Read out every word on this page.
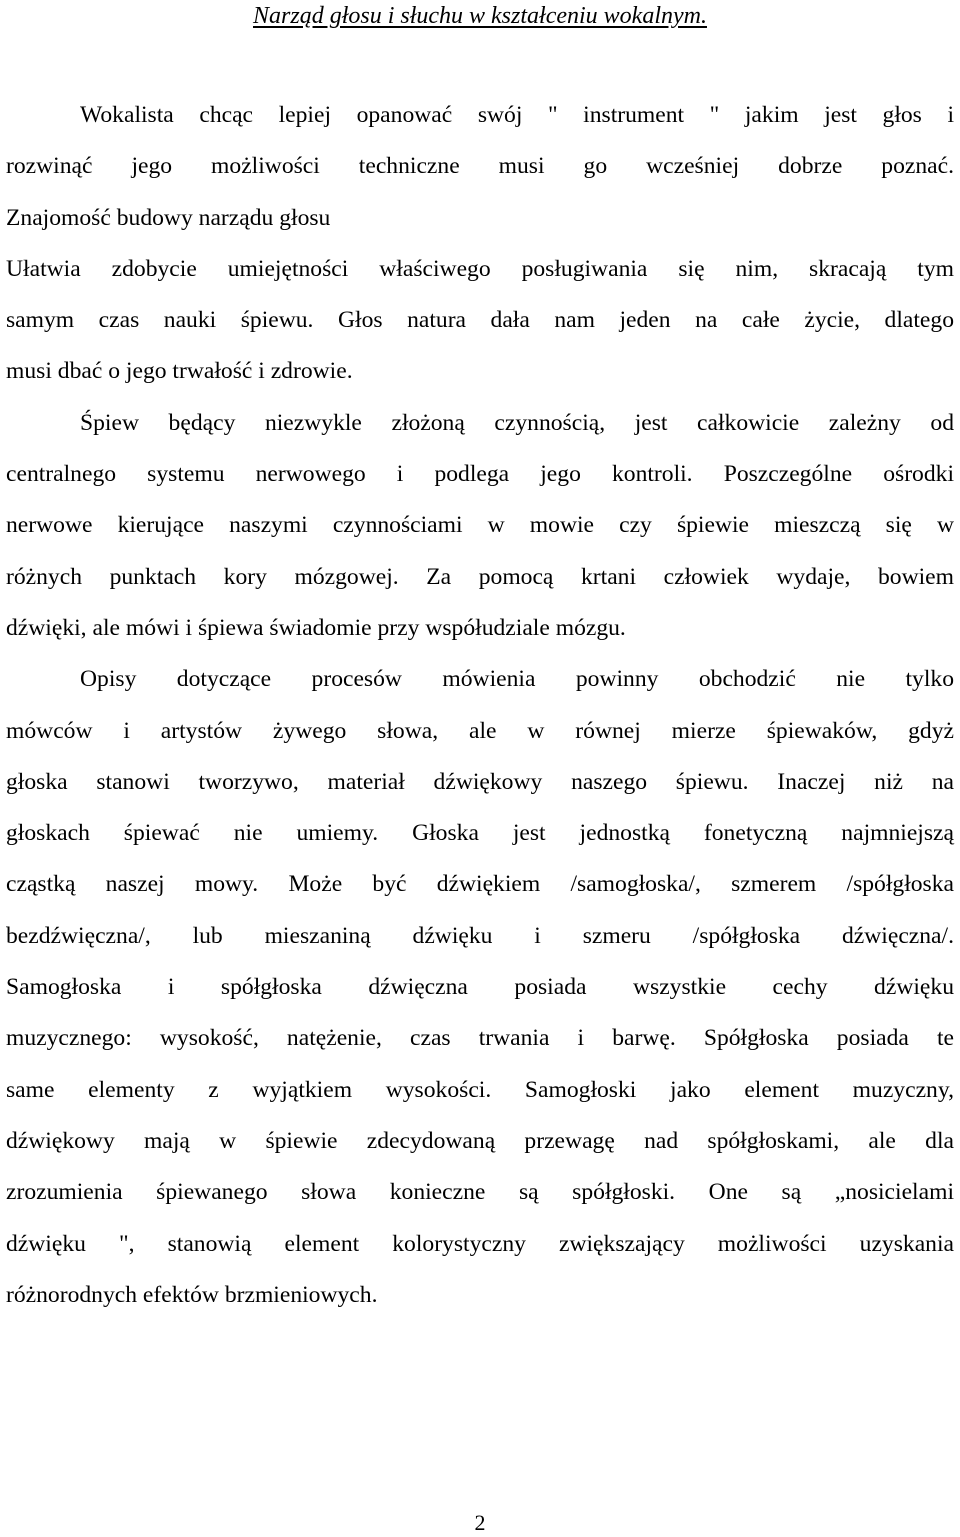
Narząd głosu i słuchu w kształceniu wokalnym.
Wokalista chcąc lepiej opanować swój " instrument " jakim jest głos i
rozwinąć jego możliwości techniczne musi go wcześniej dobrze poznać.
Znajomość budowy narządu głosu
Ułatwia zdobycie umiejętności właściwego posługiwania się nim, skracają tym
samym czas nauki śpiewu. Głos natura dała nam jeden na całe życie, dlatego
musi dbać o jego trwałość i zdrowie.
Śpiew będący niezwykle złożoną czynnością, jest całkowicie zależny od
centralnego systemu nerwowego i podlega jego kontroli. Poszczególne ośrodki
nerwowe kierujące naszymi czynnościami w mowie czy śpiewie mieszczą się w
różnych punktach kory mózgowej. Za pomocą krtani człowiek wydaje, bowiem
dźwięki, ale mówi i śpiewa świadomie przy współudziale mózgu.
Opisy dotyczące procesów mówienia powinny obchodzić nie tylko
mówców i artystów żywego słowa, ale w równej mierze śpiewaków, gdyż
głoska stanowi tworzywo, materiał dźwiękowy naszego śpiewu. Inaczej niż na
głoskach śpiewać nie umiemy. Głoska jest jednostką fonetyczną najmniejszą
cząstką naszej mowy. Może być dźwiękiem /samogłoska/, szmerem /spółgłoska
bezdźwięczna/, lub mieszaniną dźwięku i szmeru /spółgłoska dźwięczna/.
Samogłoska i spółgłoska dźwięczna posiada wszystkie cechy dźwięku
muzycznego: wysokość, natężenie, czas trwania i barwę. Spółgłoska posiada te
same elementy z wyjątkiem wysokości. Samogłoski jako element muzyczny,
dźwiękowy mają w śpiewie zdecydowaną przewagę nad spółgłoskami, ale dla
zrozumienia śpiewanego słowa konieczne są spółgłoski. One są „nosicielami
dźwięku ", stanowią element kolorystyczny zwiększający możliwości uzyskania
różnorodnych efektów brzmieniowych.
2
